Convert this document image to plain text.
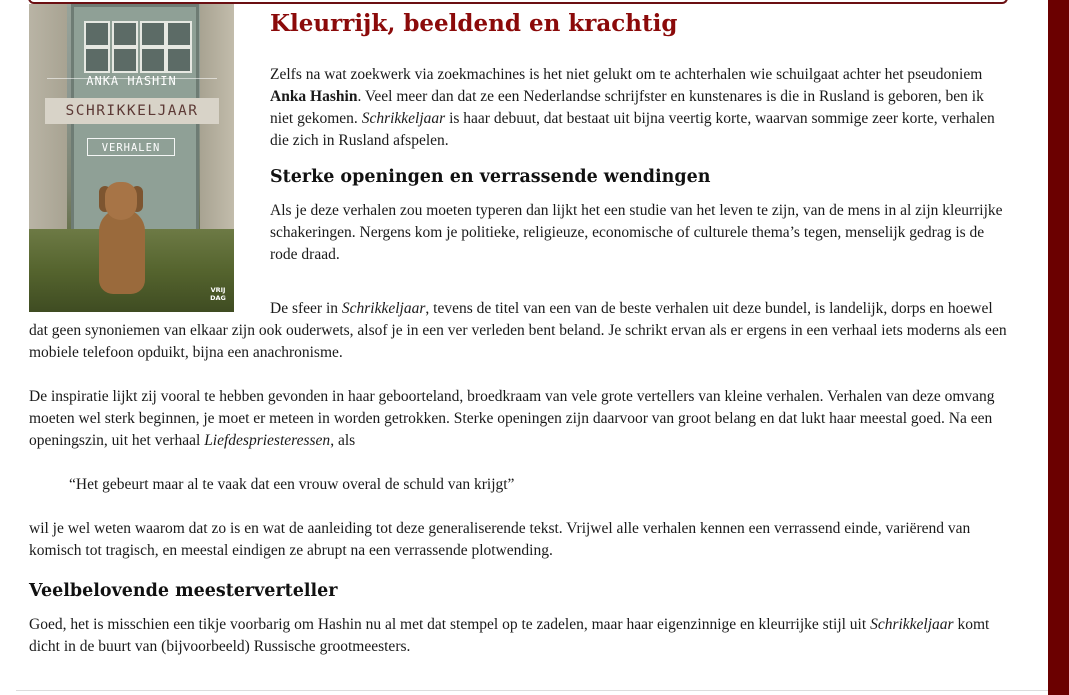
ANKA HASHIN
SCHRIKKELJAAR
VERHALEN
VRIJ DAG
Kleurrijk, beeldend en krachtig

Zelfs na wat zoekwerk via zoekmachines is het niet gelukt om te achterhalen wie schuilgaat achter het pseudoniem Anka Hashin. Veel meer dan dat ze een Nederlandse schrijfster en kunstenares is die in Rusland is geboren, ben ik niet gekomen. Schrikkeljaar is haar debuut, dat bestaat uit bijna veertig korte, waarvan sommige zeer korte, verhalen die zich in Rusland afspelen.

Sterke openingen en verrassende wendingen

Als je deze verhalen zou moeten typeren dan lijkt het een studie van het leven te zijn, van de mens in al zijn kleurrijke schakeringen. Nergens kom je politieke, religieuze, economische of culturele thema’s tegen, menselijk gedrag is de rode draad.

De sfeer in Schrikkeljaar, tevens de titel van een van de beste verhalen uit deze bundel, is landelijk, dorps en hoewel dat geen synoniemen van elkaar zijn ook ouderwets, alsof je in een ver verleden bent beland. Je schrikt ervan als er ergens in een verhaal iets moderns als een mobiele telefoon opduikt, bijna een anachronisme.

De inspiratie lijkt zij vooral te hebben gevonden in haar geboorteland, broedkraam van vele grote vertellers van kleine verhalen. Verhalen van deze omvang moeten wel sterk beginnen, je moet er meteen in worden getrokken. Sterke openingen zijn daarvoor van groot belang en dat lukt haar meestal goed. Na een openingszin, uit het verhaal Liefdespriesteressen, als

“Het gebeurt maar al te vaak dat een vrouw overal de schuld van krijgt”

wil je wel weten waarom dat zo is en wat de aanleiding tot deze generaliserende tekst. Vrijwel alle verhalen kennen een verrassend einde, variërend van komisch tot tragisch, en meestal eindigen ze abrupt na een verrassende plotwending.

Veelbelovende meesterverteller

Goed, het is misschien een tikje voorbarig om Hashin nu al met dat stempel op te zadelen, maar haar eigenzinnige en kleurrijke stijl uit Schrikkeljaar komt dicht in de buurt van (bijvoorbeeld) Russische grootmeesters.
